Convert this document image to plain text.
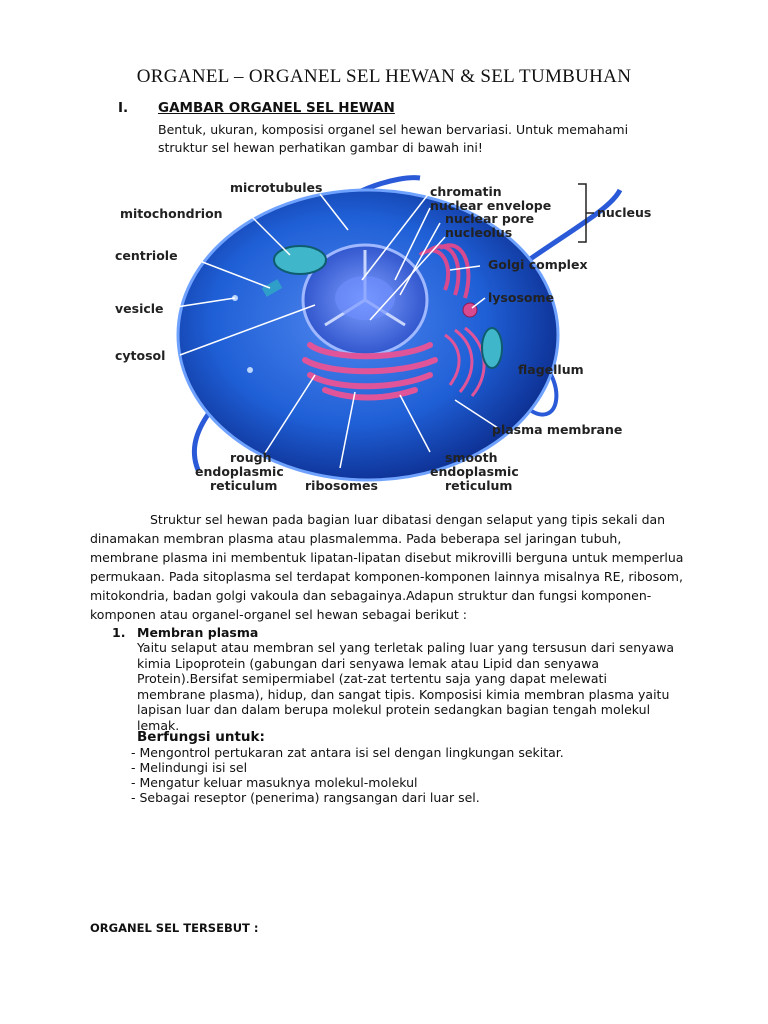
ORGANEL – ORGANEL SEL HEWAN & SEL TUMBUHAN
I. GAMBAR ORGANEL SEL HEWAN
Bentuk, ukuran, komposisi organel sel hewan bervariasi. Untuk memahami struktur sel hewan perhatikan gambar di bawah ini!
microtubules
mitochondrion
centriole
vesicle
cytosol
rough
endoplasmic
reticulum ribosomes
chromatin
nuclear envelope
nuclear pore
nucleolus
nucleus
Golgi complex
lysosome
flagellum
plasma membrane
smooth
endoplasmic
reticulum
Struktur sel hewan pada bagian luar dibatasi dengan selaput yang tipis sekali dan dinamakan membran plasma atau plasmalemma. Pada beberapa sel jaringan tubuh, membrane plasma ini membentuk lipatan-lipatan disebut mikrovilli berguna untuk memperlua permukaan. Pada sitoplasma sel terdapat komponen-komponen lainnya misalnya RE, ribosom, mitokondria, badan golgi vakoula dan sebagainya.Adapun struktur dan fungsi komponen-komponen atau organel-organel sel hewan sebagai berikut :
1. Membran plasma
Yaitu selaput atau membran sel yang terletak paling luar yang tersusun dari senyawa kimia Lipoprotein (gabungan dari senyawa lemak atau Lipid dan senyawa Protein).Bersifat semipermiabel (zat-zat tertentu saja yang dapat melewati membrane plasma), hidup, dan sangat tipis. Komposisi kimia membran plasma yaitu lapisan luar dan dalam berupa molekul protein sedangkan bagian tengah molekul lemak.
Berfungsi untuk:
- Mengontrol pertukaran zat antara isi sel dengan lingkungan sekitar.
- Melindungi isi sel
- Mengatur keluar masuknya molekul-molekul
- Sebagai reseptor (penerima) rangsangan dari luar sel.
ORGANEL SEL TERSEBUT :
